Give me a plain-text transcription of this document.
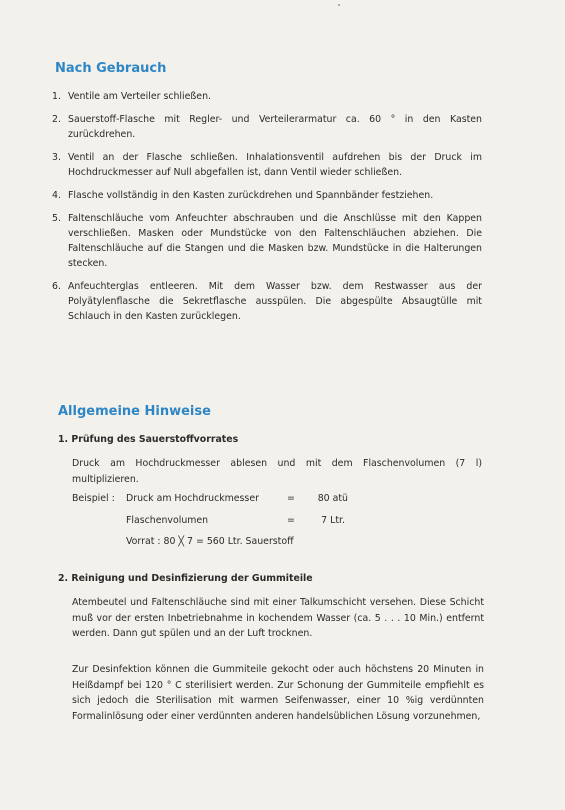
Nach Gebrauch
1. Ventile am Verteiler schließen.
2. Sauerstoff-Flasche mit Regler- und Verteilerarmatur ca. 60 ° in den Kasten zurückdrehen.
3. Ventil an der Flasche schließen. Inhalationsventil aufdrehen bis der Druck im Hochdruckmesser auf Null abgefallen ist, dann Ventil wieder schließen.
4. Flasche vollständig in den Kasten zurückdrehen und Spannbänder festziehen.
5. Faltenschläuche vom Anfeuchter abschrauben und die Anschlüsse mit den Kappen verschließen. Masken oder Mundstücke von den Faltenschläuchen abziehen. Die Faltenschläuche auf die Stangen und die Masken bzw. Mundstücke in die Halterungen stecken.
6. Anfeuchterglas entleeren. Mit dem Wasser bzw. dem Restwasser aus der Polyätylenflasche die Sekretflasche ausspülen. Die abgespülte Absaugtülle mit Schlauch in den Kasten zurücklegen.
Allgemeine Hinweise

1. Prüfung des Sauerstoffvorrates

Druck am Hochdruckmesser ablesen und mit dem Flaschenvolumen (7 l) multiplizieren.

Beispiel : Druck am Hochdruckmesser	=	80 atü
Flaschenvolumen	=	7 Ltr.
Vorrat : 80 ╳ 7 = 560 Ltr. Sauerstoff

2. Reinigung und Desinfizierung der Gummiteile

Atembeutel und Faltenschläuche sind mit einer Talkumschicht versehen. Diese Schicht muß vor der ersten Inbetriebnahme in kochendem Wasser (ca. 5 . . . 10 Min.) entfernt werden. Dann gut spülen und an der Luft trocknen.

Zur Desinfektion können die Gummiteile gekocht oder auch höchstens 20 Minuten in Heißdampf bei 120 ° C sterilisiert werden. Zur Schonung der Gummiteile empfiehlt es sich jedoch die Sterilisation mit warmen Seifenwasser, einer 10 %ig verdünnten Formalinlösung oder einer verdünnten anderen handelsüblichen Lösung vorzunehmen,
